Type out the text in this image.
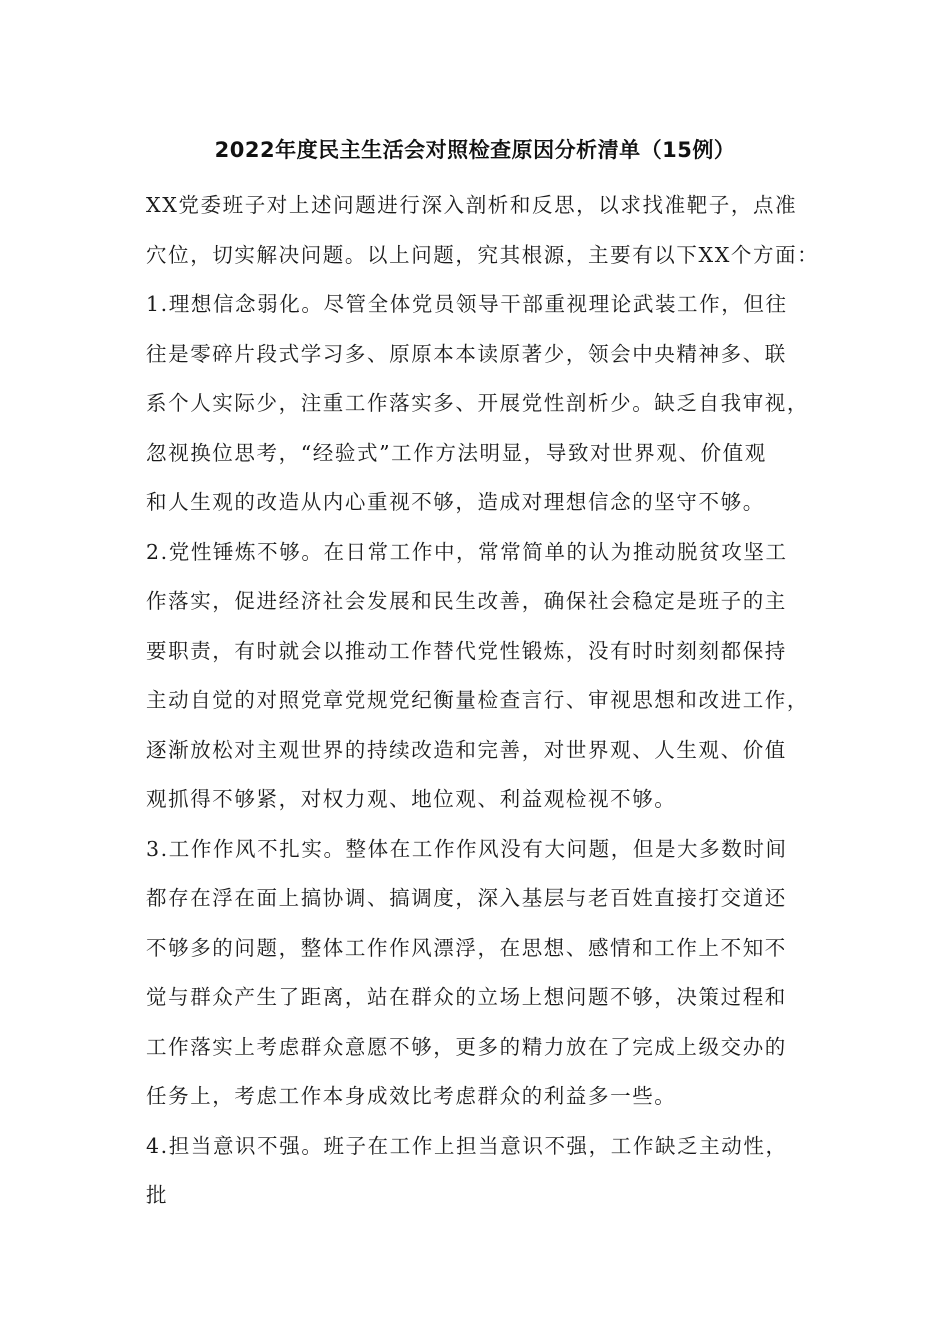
2022年度民主生活会对照检查原因分析清单（15例）
XX党委班子对上述问题进行深入剖析和反思，以求找准靶子，点准
穴位，切实解决问题。以上问题，究其根源，主要有以下XX个方面：
1.理想信念弱化。尽管全体党员领导干部重视理论武装工作，但往
往是零碎片段式学习多、原原本本读原著少，领会中央精神多、联
系个人实际少，注重工作落实多、开展党性剖析少。缺乏自我审视，
忽视换位思考，“经验式”工作方法明显，导致对世界观、价值观
和人生观的改造从内心重视不够，造成对理想信念的坚守不够。
2.党性锤炼不够。在日常工作中，常常简单的认为推动脱贫攻坚工
作落实，促进经济社会发展和民生改善，确保社会稳定是班子的主
要职责，有时就会以推动工作替代党性锻炼，没有时时刻刻都保持
主动自觉的对照党章党规党纪衡量检查言行、审视思想和改进工作，
逐渐放松对主观世界的持续改造和完善，对世界观、人生观、价值
观抓得不够紧，对权力观、地位观、利益观检视不够。
3.工作作风不扎实。整体在工作作风没有大问题，但是大多数时间
都存在浮在面上搞协调、搞调度，深入基层与老百姓直接打交道还
不够多的问题，整体工作作风漂浮，在思想、感情和工作上不知不
觉与群众产生了距离，站在群众的立场上想问题不够，决策过程和
工作落实上考虑群众意愿不够，更多的精力放在了完成上级交办的
任务上，考虑工作本身成效比考虑群众的利益多一些。
4.担当意识不强。班子在工作上担当意识不强，工作缺乏主动性，
批
